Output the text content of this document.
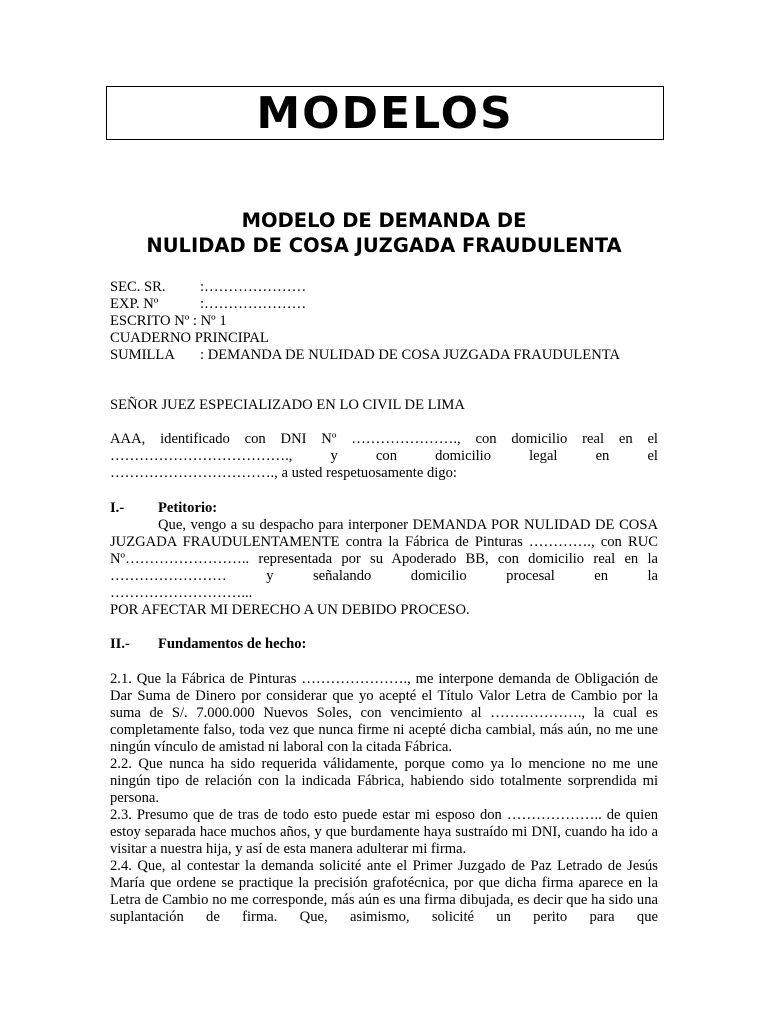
MODELOS
MODELO DE DEMANDA DE
NULIDAD DE COSA JUZGADA FRAUDULENTA
SEC. SR. :…………………
EXP. Nº	:…………………
ESCRITO Nº : Nº 1
CUADERNO PRINCIPAL
SUMILLA : DEMANDA DE NULIDAD DE COSA JUZGADA FRAUDULENTA
SEÑOR JUEZ ESPECIALIZADO EN LO CIVIL DE LIMA

AAA, identificado con DNI Nº …………………., con domicilio real en el

………………………………., y con domicilio legal en el

……………………………., a usted respetuosamente digo:

I.- Petitorio:

Que, vengo a su despacho para interponer DEMANDA POR NULIDAD DE COSA JUZGADA FRAUDULENTAMENTE contra la Fábrica de Pinturas …………., con RUC Nº…………………….. representada por su Apoderado BB, con domicilio real en la …………………… y señalando domicilio procesal en la

………………………...

POR AFECTAR MI DERECHO A UN DEBIDO PROCESO.

II.- Fundamentos de hecho:

2.1. Que la Fábrica de Pinturas …………………., me interpone demanda de Obligación de Dar Suma de Dinero por considerar que yo acepté el Título Valor Letra de Cambio por la suma de S/. 7.000.000 Nuevos Soles, con vencimiento al ………………., la cual es completamente falso, toda vez que nunca firme ni acepté dicha cambial, más aún, no me une ningún vínculo de amistad ni laboral con la citada Fábrica.

2.2. Que nunca ha sido requerida válidamente, porque como ya lo mencione no me une ningún tipo de relación con la indicada Fábrica, habiendo sido totalmente sorprendida mi persona.

2.3. Presumo que de tras de todo esto puede estar mi esposo don ……………….. de quien estoy separada hace muchos años, y que burdamente haya sustraído mi DNI, cuando ha ido a visitar a nuestra hija, y así de esta manera adulterar mi firma.

2.4. Que, al contestar la demanda solicité ante el Primer Juzgado de Paz Letrado de Jesús María que ordene se practique la precisión grafotécnica, por que dicha firma aparece en la Letra de Cambio no me corresponde, más aún es una firma dibujada, es decir que ha sido una suplantación de firma. Que, asimismo, solicité un perito para que
